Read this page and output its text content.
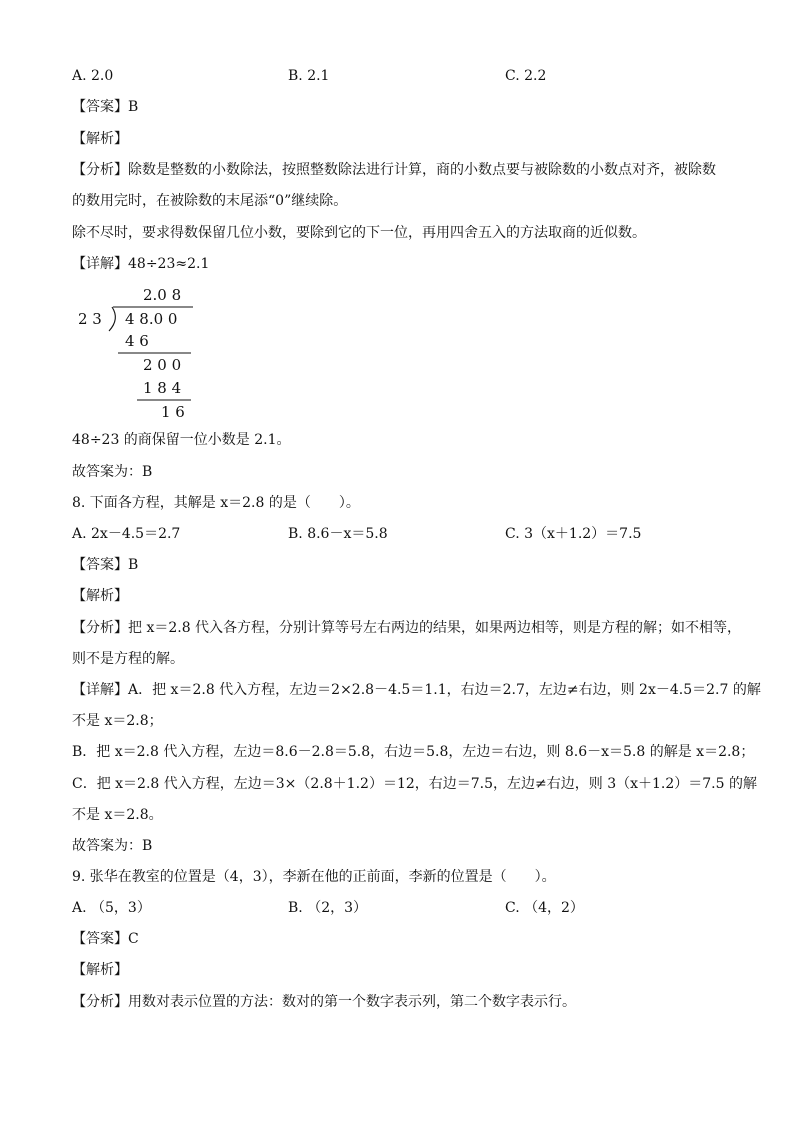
A. 2.0	B. 2.1	C. 2.2
【答案】B
【解析】
【分析】除数是整数的小数除法，按照整数除法进行计算，商的小数点要与被除数的小数点对齐，被除数
的数用完时，在被除数的末尾添“0”继续除。
除不尽时，要求得数保留几位小数，要除到它的下一位，再用四舍五入的方法取商的近似数。
【详解】48÷23≈2.1
2.0 8
2 3 4 8.0 0
4 6
2 0 0
1 8 4
1 6
48÷23 的商保留一位小数是 2.1。
故答案为：B
8. 下面各方程，其解是 x＝2.8 的是（　　）。
A. 2x－4.5＝2.7	B. 8.6－x＝5.8	C. 3（x＋1.2）＝7.5
【答案】B
【解析】
【分析】把 x＝2.8 代入各方程，分别计算等号左右两边的结果，如果两边相等，则是方程的解；如不相等，
则不是方程的解。
【详解】A．把 x＝2.8 代入方程，左边＝2×2.8－4.5＝1.1，右边＝2.7，左边≠右边，则 2x－4.5＝2.7 的解
不是 x＝2.8；
B．把 x＝2.8 代入方程，左边＝8.6－2.8＝5.8，右边＝5.8，左边＝右边，则 8.6－x＝5.8 的解是 x＝2.8；
C．把 x＝2.8 代入方程，左边＝3×（2.8＋1.2）＝12，右边＝7.5，左边≠右边，则 3（x＋1.2）＝7.5 的解
不是 x＝2.8。
故答案为：B
9. 张华在教室的位置是（4，3），李新在他的正前面，李新的位置是（　　）。
A. （5，3）	B. （2，3）	C. （4，2）
【答案】C
【解析】
【分析】用数对表示位置的方法：数对的第一个数字表示列，第二个数字表示行。
